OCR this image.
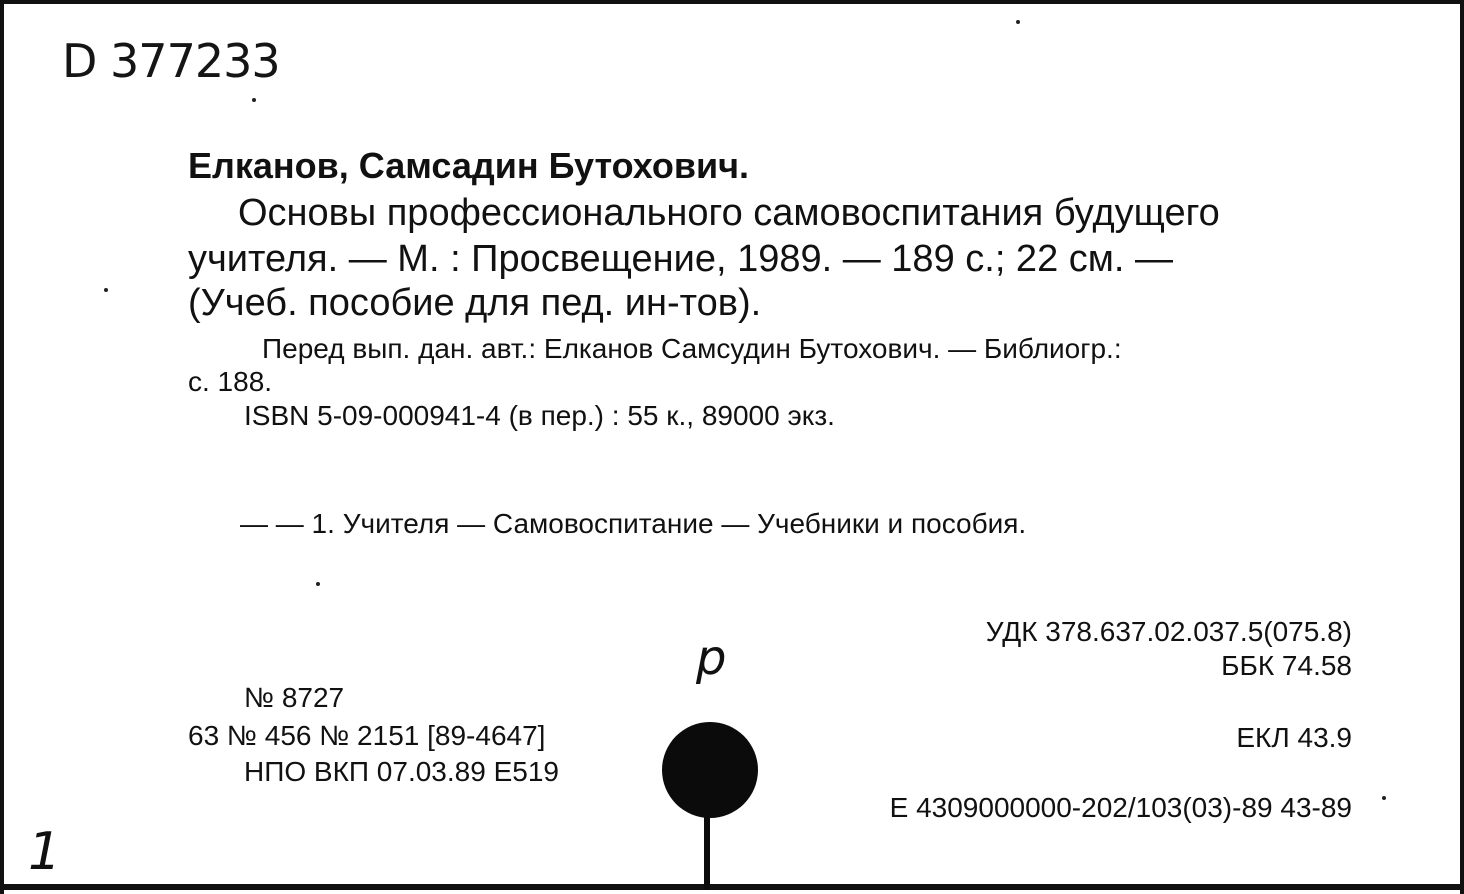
D 377233
Елканов, Самсадин Бутохович.
Основы профессионального самовоспитания будущего
учителя. — М. : Просвещение, 1989. — 189 с.; 22 см. —
(Учеб. пособие для пед. ин-тов).
Перед вып. дан. авт.: Елканов Самсудин Бутохович. — Библиогр.:
с. 188.
ISBN 5-09-000941-4 (в пер.) : 55 к., 89000 экз.
— — 1. Учителя — Самовоспитание — Учебники и пособия.
УДК 378.637.02.037.5(075.8)
ББК 74.58
ЕКЛ 43.9
Е 4309000000-202/103(03)-89 43-89
№ 8727
63 № 456 № 2151 [89-4647]
НПО ВКП 07.03.89 Е519
р
1
